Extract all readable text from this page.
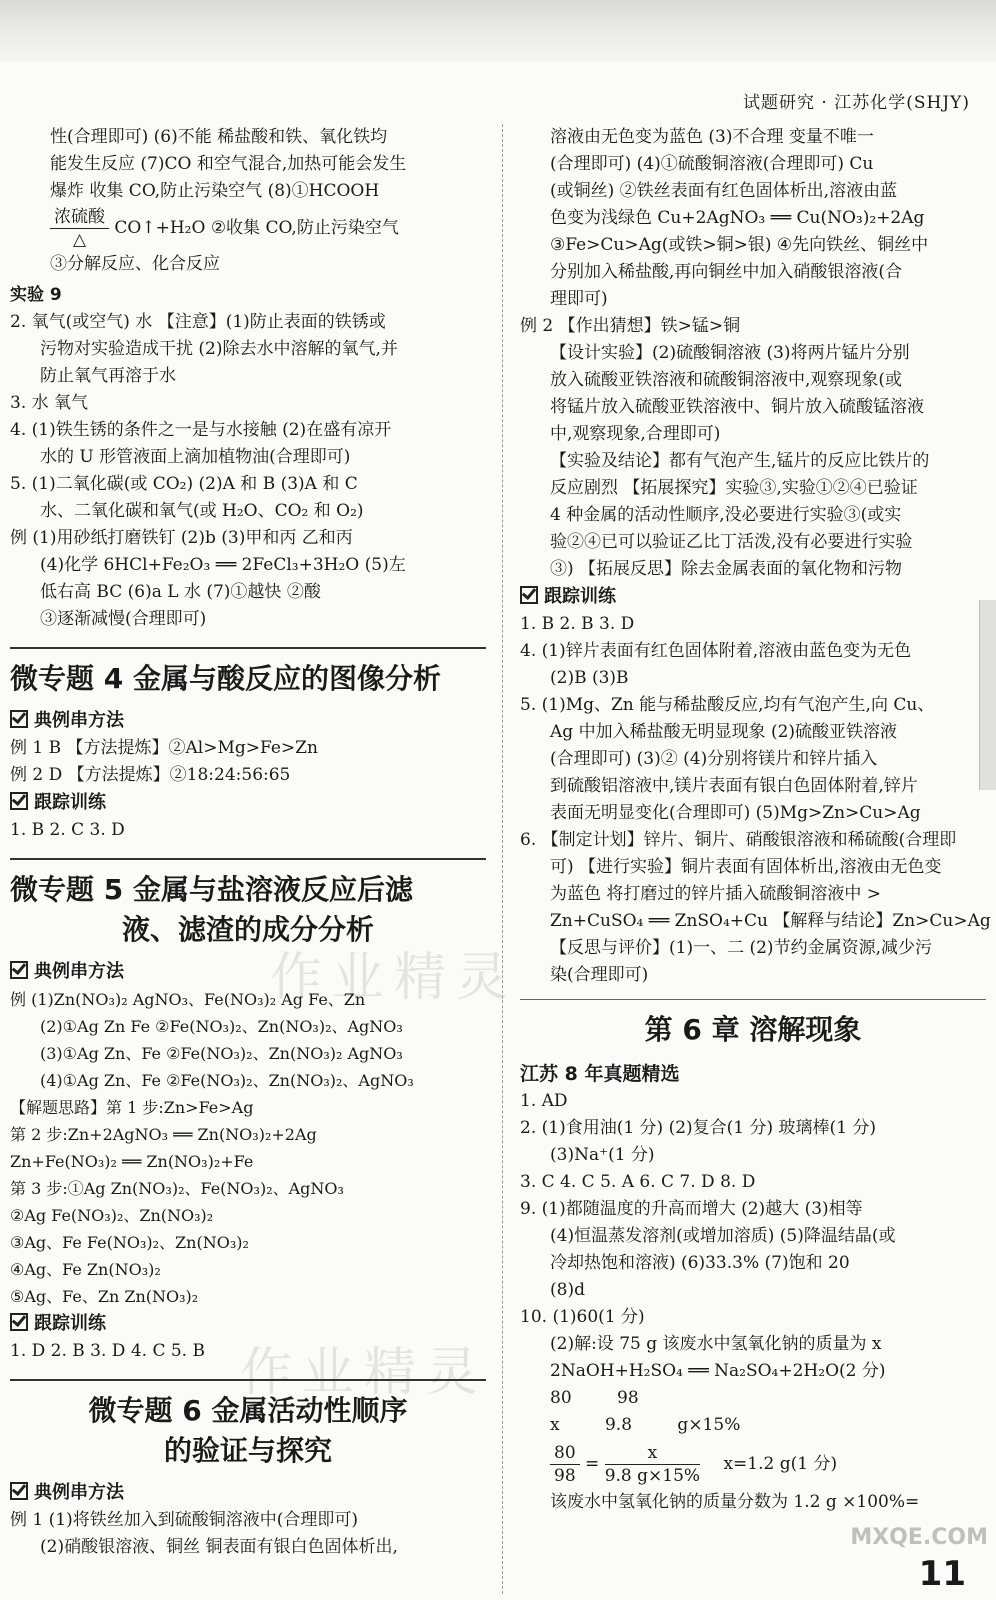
试题研究 · 江苏化学(SHJY)
作业精灵
作业精灵
性(合理即可) (6)不能 稀盐酸和铁、氧化铁均
能发生反应 (7)CO 和空气混合,加热可能会发生
爆炸 收集 CO,防止污染空气 (8)①HCOOH
$\frac{\text{浓硫酸}}{\triangle}$ CO↑+H₂O ②收集 CO,防止污染空气
③分解反应、化合反应
实验 9
2. 氧气(或空气) 水 【注意】(1)防止表面的铁锈或
污物对实验造成干扰 (2)除去水中溶解的氧气,并
防止氧气再溶于水
3. 水 氧气
4. (1)铁生锈的条件之一是与水接触 (2)在盛有凉开
水的 U 形管液面上滴加植物油(合理即可)
5. (1)二氧化碳(或 CO₂) (2)A 和 B (3)A 和 C
水、二氧化碳和氧气(或 H₂O、CO₂ 和 O₂)
例 (1)用砂纸打磨铁钉 (2)b (3)甲和丙 乙和丙
(4)化学 6HCl+Fe₂O₃ ══ 2FeCl₃+3H₂O (5)左
低右高 BC (6)a L 水 (7)①越快 ②酸
③逐渐减慢(合理即可)
微专题 4 金属与酸反应的图像分析
典例串方法
例 1 B 【方法提炼】②Al>Mg>Fe>Zn
例 2 D 【方法提炼】②18:24:56:65
跟踪训练
1. B 2. C 3. D
微专题 5 金属与盐溶液反应后滤
液、滤渣的成分分析
典例串方法
例 (1)Zn(NO₃)₂ AgNO₃、Fe(NO₃)₂ Ag Fe、Zn
(2)①Ag Zn Fe ②Fe(NO₃)₂、Zn(NO₃)₂、AgNO₃
(3)①Ag Zn、Fe ②Fe(NO₃)₂、Zn(NO₃)₂ AgNO₃
(4)①Ag Zn、Fe ②Fe(NO₃)₂、Zn(NO₃)₂、AgNO₃
【解题思路】第 1 步:Zn>Fe>Ag
第 2 步:Zn+2AgNO₃ ══ Zn(NO₃)₂+2Ag
Zn+Fe(NO₃)₂ ══ Zn(NO₃)₂+Fe
第 3 步:①Ag Zn(NO₃)₂、Fe(NO₃)₂、AgNO₃
②Ag Fe(NO₃)₂、Zn(NO₃)₂
③Ag、Fe Fe(NO₃)₂、Zn(NO₃)₂
④Ag、Fe Zn(NO₃)₂
⑤Ag、Fe、Zn Zn(NO₃)₂
跟踪训练
1. D 2. B 3. D 4. C 5. B
微专题 6 金属活动性顺序
的验证与探究
典例串方法
例 1 (1)将铁丝加入到硫酸铜溶液中(合理即可)
(2)硝酸银溶液、铜丝 铜表面有银白色固体析出,
溶液由无色变为蓝色 (3)不合理 变量不唯一
(合理即可) (4)①硫酸铜溶液(合理即可) Cu
(或铜丝) ②铁丝表面有红色固体析出,溶液由蓝
色变为浅绿色 Cu+2AgNO₃ ══ Cu(NO₃)₂+2Ag
③Fe>Cu>Ag(或铁>铜>银) ④先向铁丝、铜丝中
分别加入稀盐酸,再向铜丝中加入硝酸银溶液(合
理即可)
例 2 【作出猜想】铁>锰>铜
【设计实验】(2)硫酸铜溶液 (3)将两片锰片分别
放入硫酸亚铁溶液和硫酸铜溶液中,观察现象(或
将锰片放入硫酸亚铁溶液中、铜片放入硫酸锰溶液
中,观察现象,合理即可)
【实验及结论】都有气泡产生,锰片的反应比铁片的
反应剧烈 【拓展探究】实验③,实验①②④已验证
4 种金属的活动性顺序,没必要进行实验③(或实
验②④已可以验证乙比丁活泼,没有必要进行实验
③) 【拓展反思】除去金属表面的氧化物和污物
跟踪训练
1. B 2. B 3. D
4. (1)锌片表面有红色固体附着,溶液由蓝色变为无色
(2)B (3)B
5. (1)Mg、Zn 能与稀盐酸反应,均有气泡产生,向 Cu、
Ag 中加入稀盐酸无明显现象 (2)硫酸亚铁溶液
(合理即可) (3)② (4)分别将镁片和锌片插入
到硫酸铝溶液中,镁片表面有银白色固体附着,锌片
表面无明显变化(合理即可) (5)Mg>Zn>Cu>Ag
6. 【制定计划】锌片、铜片、硝酸银溶液和稀硫酸(合理即
可) 【进行实验】铜片表面有固体析出,溶液由无色变
为蓝色 将打磨过的锌片插入硫酸铜溶液中 >
Zn+CuSO₄ ══ ZnSO₄+Cu 【解释与结论】Zn>Cu>Ag
【反思与评价】(1)一、二 (2)节约金属资源,减少污
染(合理即可)
第 6 章 溶解现象
江苏 8 年真题精选
1. AD
2. (1)食用油(1 分) (2)复合(1 分) 玻璃棒(1 分)
(3)Na⁺(1 分)
3. C 4. C 5. A 6. C 7. D 8. D
9. (1)都随温度的升高而增大 (2)越大 (3)相等
(4)恒温蒸发溶剂(或增加溶质) (5)降温结晶(或
冷却热饱和溶液) (6)33.3% (7)饱和 20
(8)d
10. (1)60(1 分)
(2)解:设 75 g 该废水中氢氧化钠的质量为 x
2NaOH+H₂SO₄ ══ Na₂SO₄+2H₂O(2 分)
80 98
x 9.8 g×15%
$\frac{80}{98} = \frac{x}{9.8 g\times 15\%} x=1.2$ g(1 分)
该废水中氢氧化钠的质量分数为 1.2 g ×100%=
MXQE.COM
11
